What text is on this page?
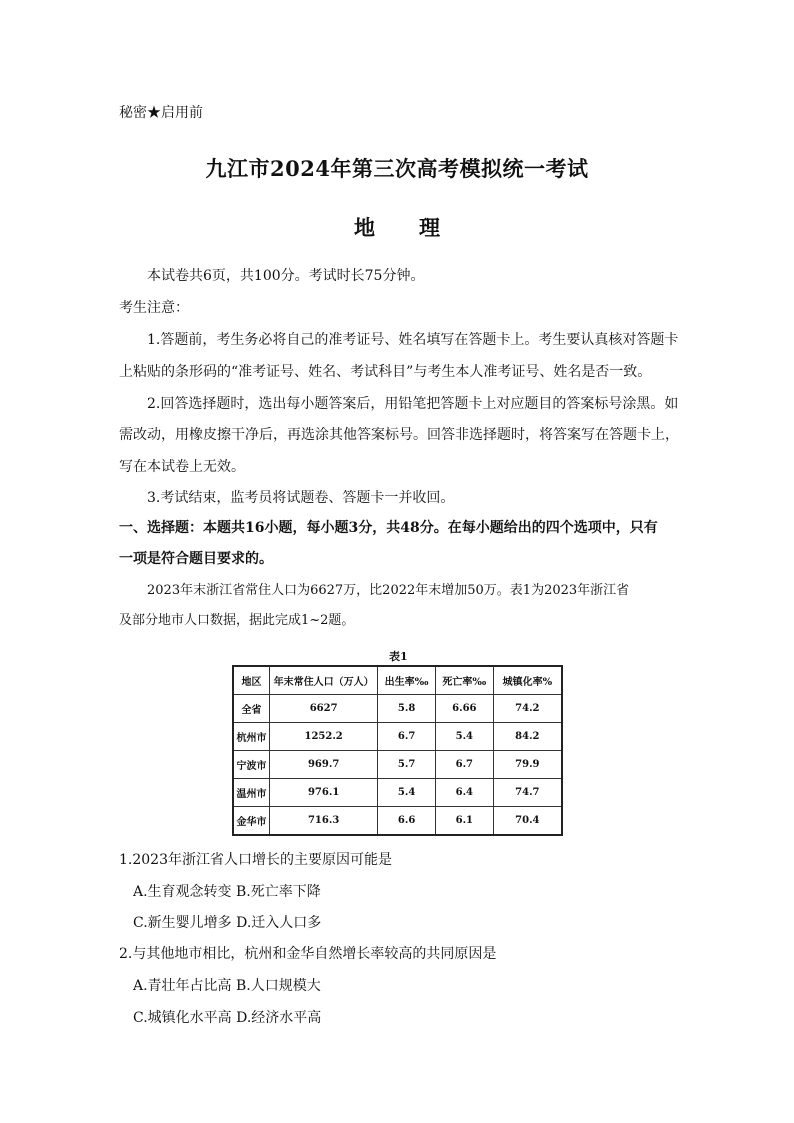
秘密★启用前
九江市2024年第三次高考模拟统一考试
地 理
本试卷共6页，共100分。考试时长75分钟。
考生注意：
1.答题前，考生务必将自己的准考证号、姓名填写在答题卡上。考生要认真核对答题卡
上粘贴的条形码的“准考证号、姓名、考试科目”与考生本人准考证号、姓名是否一致。
2.回答选择题时，选出每小题答案后，用铅笔把答题卡上对应题目的答案标号涂黑。如
需改动，用橡皮擦干净后，再选涂其他答案标号。回答非选择题时，将答案写在答题卡上，
写在本试卷上无效。
3.考试结束，监考员将试题卷、答题卡一并收回。
一、选择题：本题共16小题，每小题3分，共48分。在每小题给出的四个选项中，只有
一项是符合题目要求的。
2023年末浙江省常住人口为6627万，比2022年末增加50万。表1为2023年浙江省
及部分地市人口数据，据此完成1~2题。
表1
地区	年末常住人口（万人）	出生率‰	死亡率‰	城镇化率%
全省	6627	5.8	6.66	74.2
杭州市	1252.2	6.7	5.4	84.2
宁波市	969.7	5.7	6.7	79.9
温州市	976.1	5.4	6.4	74.7
金华市	716.3	6.6	6.1	70.4
1.2023年浙江省人口增长的主要原因可能是
A.生育观念转变 B.死亡率下降
C.新生婴儿增多 D.迁入人口多
2.与其他地市相比，杭州和金华自然增长率较高的共同原因是
A.青壮年占比高 B.人口规模大
C.城镇化水平高 D.经济水平高
